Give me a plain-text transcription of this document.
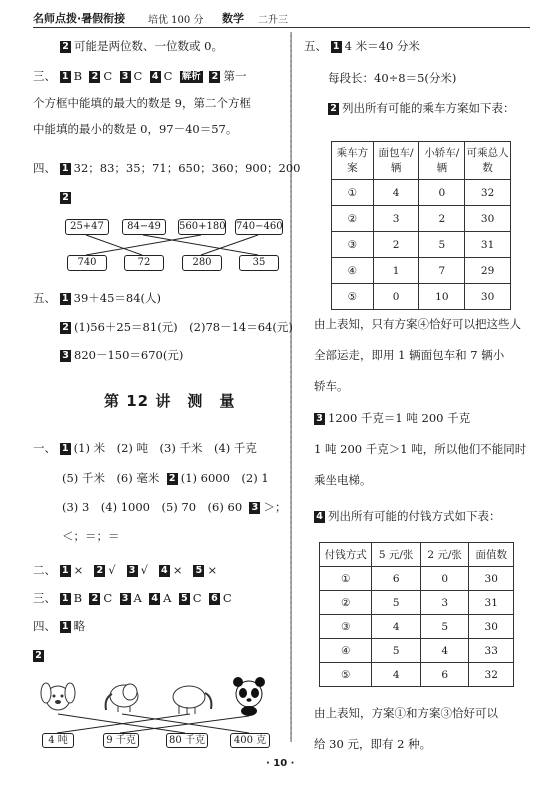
名师点拨·暑假衔接 培优 100 分 数学 二升三
2 可能是两位数、一位数或 0。
三、 1 B 2 C 3 C 4 C 解析 2 第一
个方框中能填的最大的数是 9，第二个方框
中能填的最小的数是 0，97－40＝57。
四、 1 32；83；35；71；650；360；900；200
2
25+47	84−49	560+180 740−460
740	72	280	35
五、 1 39＋45＝84(人)
2 (1)56＋25＝81(元)　(2)78－14＝64(元)
3 820－150＝670(元)
第 12 讲　测　量
一、 1 (1) 米　(2) 吨　(3) 千米　(4) 千克
(5) 千米　(6) 毫米 2 (1) 6000　(2) 1
(3) 3　(4) 1000　(5) 70　(6) 60 3 ＞；
＜；＝；＝
二、 1 × 2 √ 3 √ 4 × 5 ×
三、 1 B 2 C 3 A 4 A 5 C 6 C
四、 1 略
2
4 吨	9 千克	80 千克	400 克
五、 1 4 米＝40 分米
每段长：40÷8＝5(分米)
2 列出所有可能的乘车方案如下表：
乘车方案	面包车/辆	小轿车/辆	可乘总人数
①	4	0	32
②	3	2	30
③	2	5	31
④	1	7	29
⑤	0	10	30
由上表知，只有方案④恰好可以把这些人
全部运走，即用 1 辆面包车和 7 辆小
轿车。
3 1200 千克＝1 吨 200 千克
1 吨 200 千克＞1 吨，所以他们不能同时
乘坐电梯。
4 列出所有可能的付钱方式如下表：
付钱方式	5 元/张	2 元/张	面值数
①	6	0	30
②	5	3	31
③	4	5	30
④	5	4	33
⑤	4	6	32
由上表知，方案①和方案③恰好可以
给 30 元，即有 2 种。
· 10 ·
